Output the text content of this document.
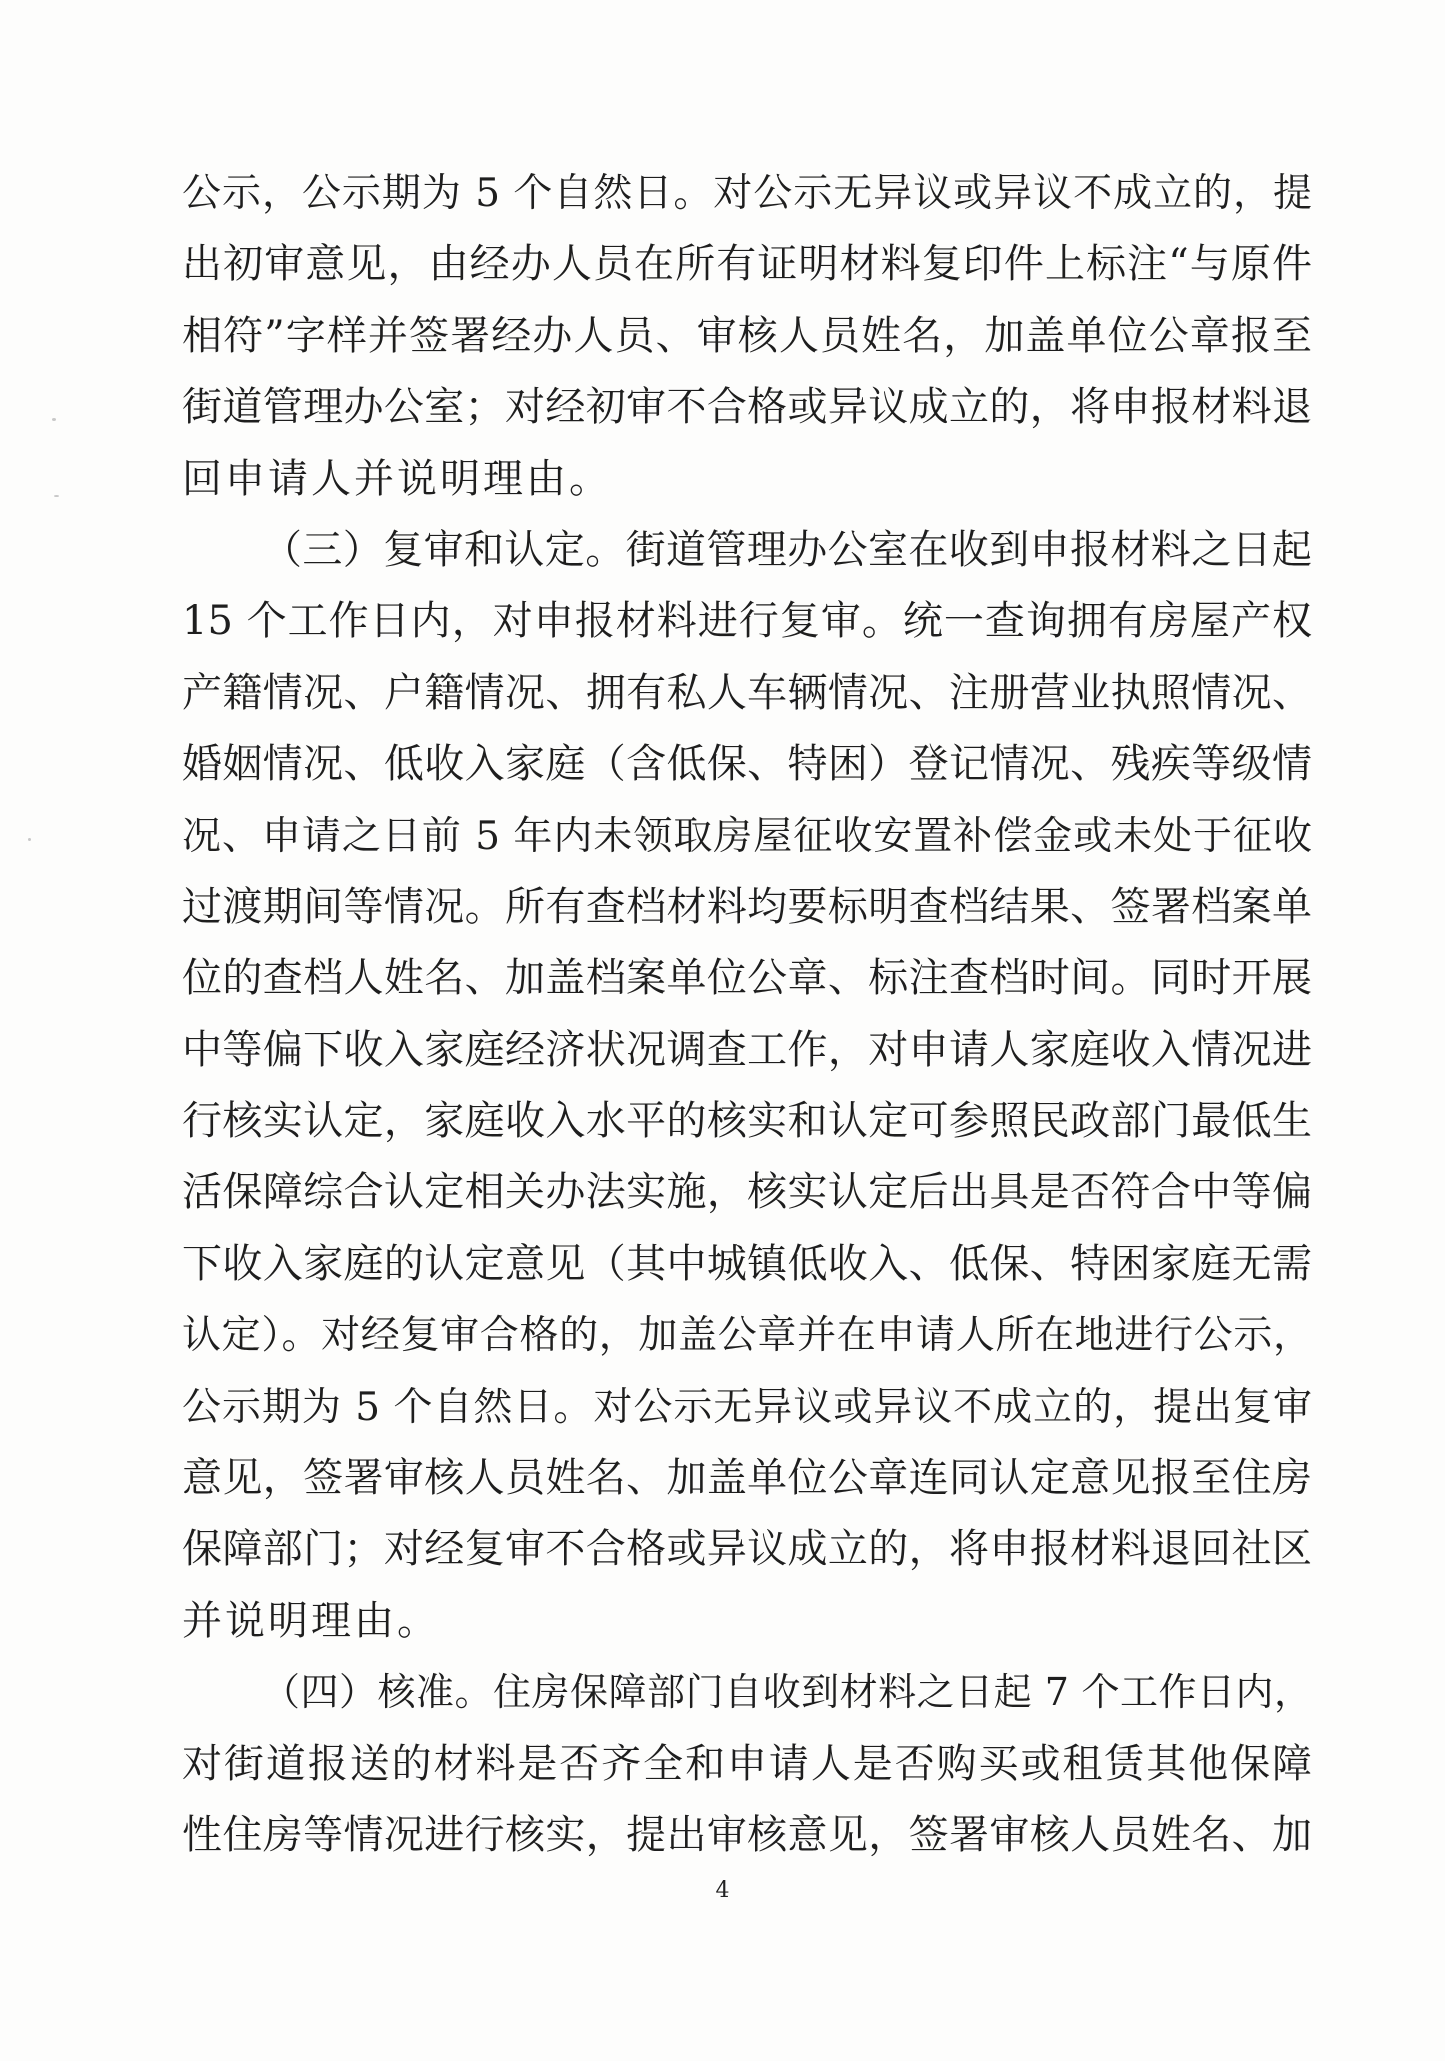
公示，公示期为 5 个自然日。对公示无异议或异议不成立的，提
出初审意见，由经办人员在所有证明材料复印件上标注“与原件
相符”字样并签署经办人员、审核人员姓名，加盖单位公章报至
街道管理办公室；对经初审不合格或异议成立的，将申报材料退
回申请人并说明理由。
（三）复审和认定。街道管理办公室在收到申报材料之日起
15 个工作日内，对申报材料进行复审。统一查询拥有房屋产权
产籍情况、户籍情况、拥有私人车辆情况、注册营业执照情况、
婚姻情况、低收入家庭（含低保、特困）登记情况、残疾等级情
况、申请之日前 5 年内未领取房屋征收安置补偿金或未处于征收
过渡期间等情况。所有查档材料均要标明查档结果、签署档案单
位的查档人姓名、加盖档案单位公章、标注查档时间。同时开展
中等偏下收入家庭经济状况调查工作，对申请人家庭收入情况进
行核实认定，家庭收入水平的核实和认定可参照民政部门最低生
活保障综合认定相关办法实施，核实认定后出具是否符合中等偏
下收入家庭的认定意见（其中城镇低收入、低保、特困家庭无需
认定）。对经复审合格的，加盖公章并在申请人所在地进行公示，
公示期为 5 个自然日。对公示无异议或异议不成立的，提出复审
意见，签署审核人员姓名、加盖单位公章连同认定意见报至住房
保障部门；对经复审不合格或异议成立的，将申报材料退回社区
并说明理由。
（四）核准。住房保障部门自收到材料之日起 7 个工作日内，
对街道报送的材料是否齐全和申请人是否购买或租赁其他保障
性住房等情况进行核实，提出审核意见，签署审核人员姓名、加
4
